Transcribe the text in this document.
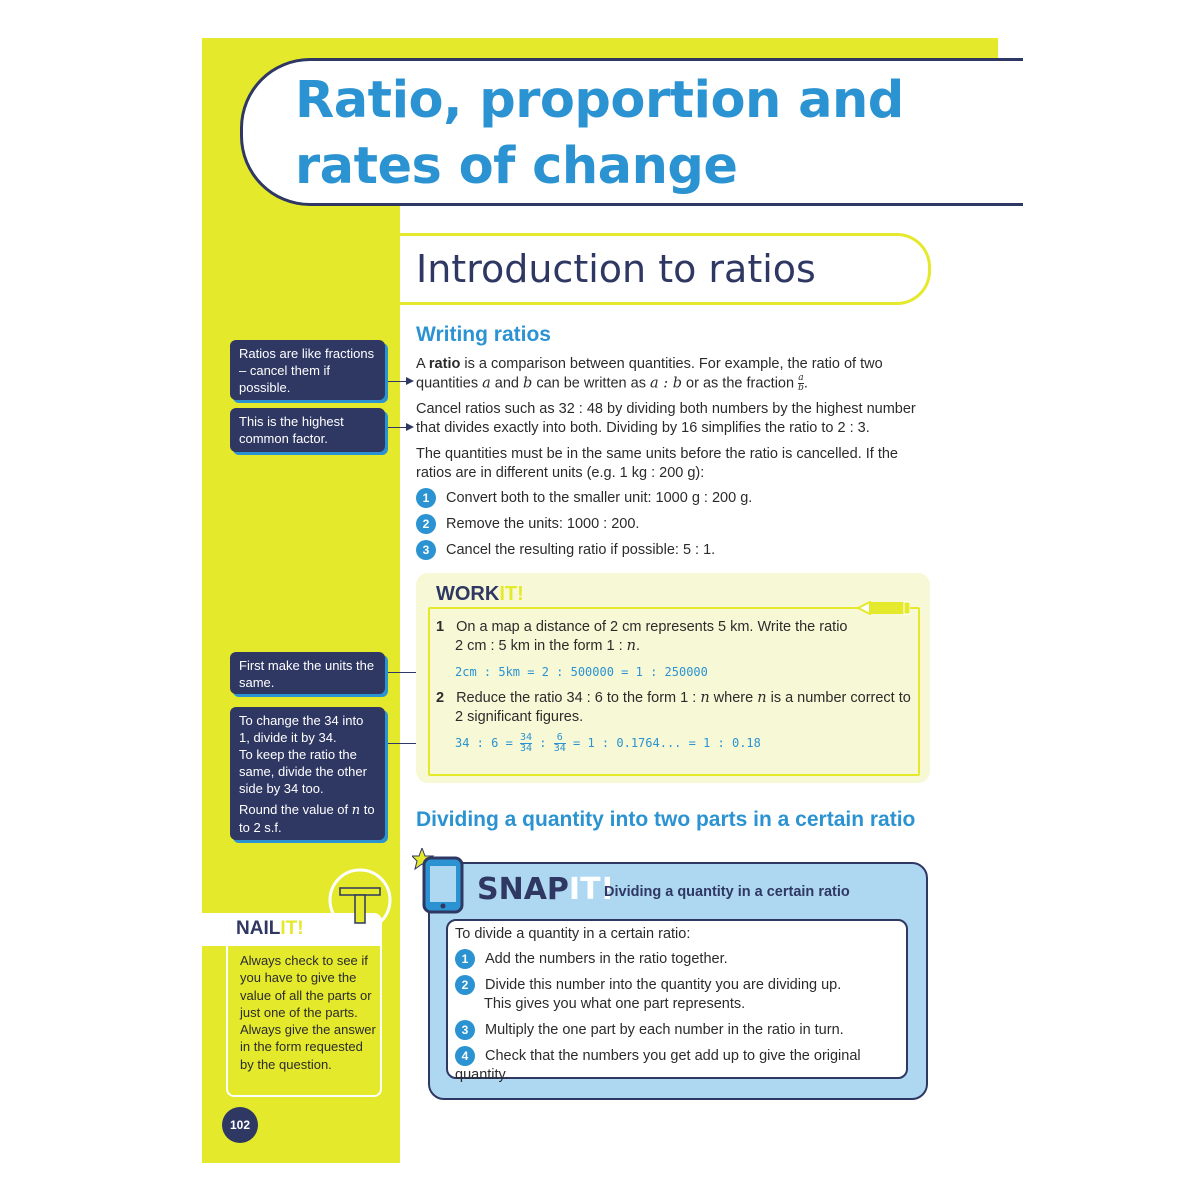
Ratio, proportion and
rates of change
Introduction to ratios
Writing ratios
A ratio is a comparison between quantities. For example, the ratio of two
quantities a and b can be written as a : b or as the fraction $\frac{a}{b}$ .
Cancel ratios such as 32 : 48 by dividing both numbers by the highest number
that divides exactly into both. Dividing by 16 simplifies the ratio to 2 : 3.
The quantities must be in the same units before the ratio is cancelled. If the
ratios are in different units (e.g. 1 kg : 200 g):
1 Convert both to the smaller unit: 1000 g : 200 g.
2 Remove the units: 1000 : 200.
3 Cancel the resulting ratio if possible: 5 : 1.
Ratios are like fractions – cancel them if possible.
This is the highest common factor.
First make the units the same.
To change the 34 into 1, divide it by 34.
To keep the ratio the same, divide the other side by 34 too.
Round the value of n to to 2 s.f.
WORKIT!
1 On a map a distance of 2 cm represents 5 km. Write the ratio
2 cm : 5 km in the form 1 : n.
2cm : 5km = 2 : 500000 = 1 : 250000
2 Reduce the ratio 34 : 6 to the form 1 : n where n is a number correct to
2 significant figures.
34 : $6 = \frac{34}{34}$ : $\frac{6}{34} = 1$ : 0.1764... = 1 : 0.18
Dividing a quantity into two parts in a certain ratio
SNAPIT!
Dividing a quantity in a certain ratio
To divide a quantity in a certain ratio:
1 Add the numbers in the ratio together.
2 Divide this number into the quantity you are dividing up.
This gives you what one part represents.
3 Multiply the one part by each number in the ratio in turn.
4 Check that the numbers you get add up to give the original quantity.
NAILIT!
Always check to see if you have to give the value of all the parts or just one of the parts. Always give the answer in the form requested by the question.
102
